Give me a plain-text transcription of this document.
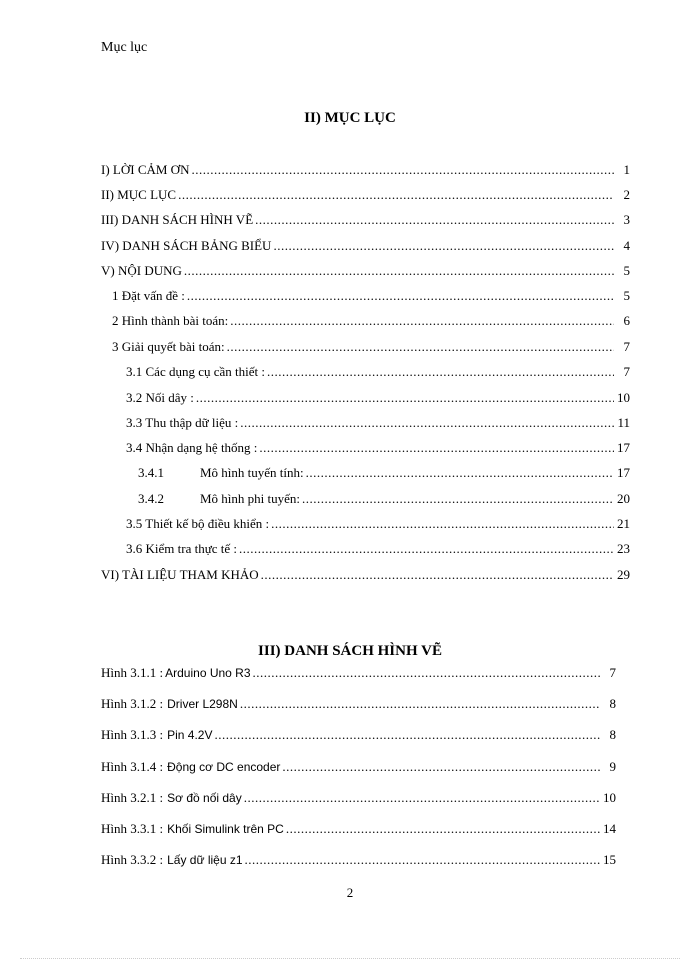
Mục lục
II) MỤC LỤC
I) LỜI CẢM ƠN .....	1
II) MỤC LỤC .....	2
III) DANH SÁCH HÌNH VẼ .....	3
IV) DANH SÁCH BẢNG BIỂU .....	4
V) NỘI DUNG .....	5
1 Đặt vấn đề : .....	5
2 Hình thành bài toán: .....	6
3 Giải quyết bài toán: .....	7
3.1 Các dụng cụ cần thiết : .....	7
3.2 Nối dây : .....	10
3.3 Thu thập dữ liệu : .....	11
3.4 Nhận dạng hệ thống : .....	17
3.4.1	Mô hình tuyến tính: .....	17
3.4.2	Mô hình phi tuyến: .....	20
3.5 Thiết kế bộ điều khiển : .....	21
3.6 Kiểm tra thực tế : .....	23
VI) TÀI LIỆU THAM KHẢO .....	29
III) DANH SÁCH HÌNH VẼ
Hình 3.1.1 : Arduino Uno R3 .....	7
Hình 3.1.2 : Driver L298N .....	8
Hình 3.1.3 : Pin 4.2V .....	8
Hình 3.1.4 : Động cơ DC encoder .....	9
Hình 3.2.1 : Sơ đồ nối dây .....	10
Hình 3.3.1 : Khối Simulink trên PC .....	14
Hình 3.3.2 : Lấy dữ liệu z1 .....	15
2
